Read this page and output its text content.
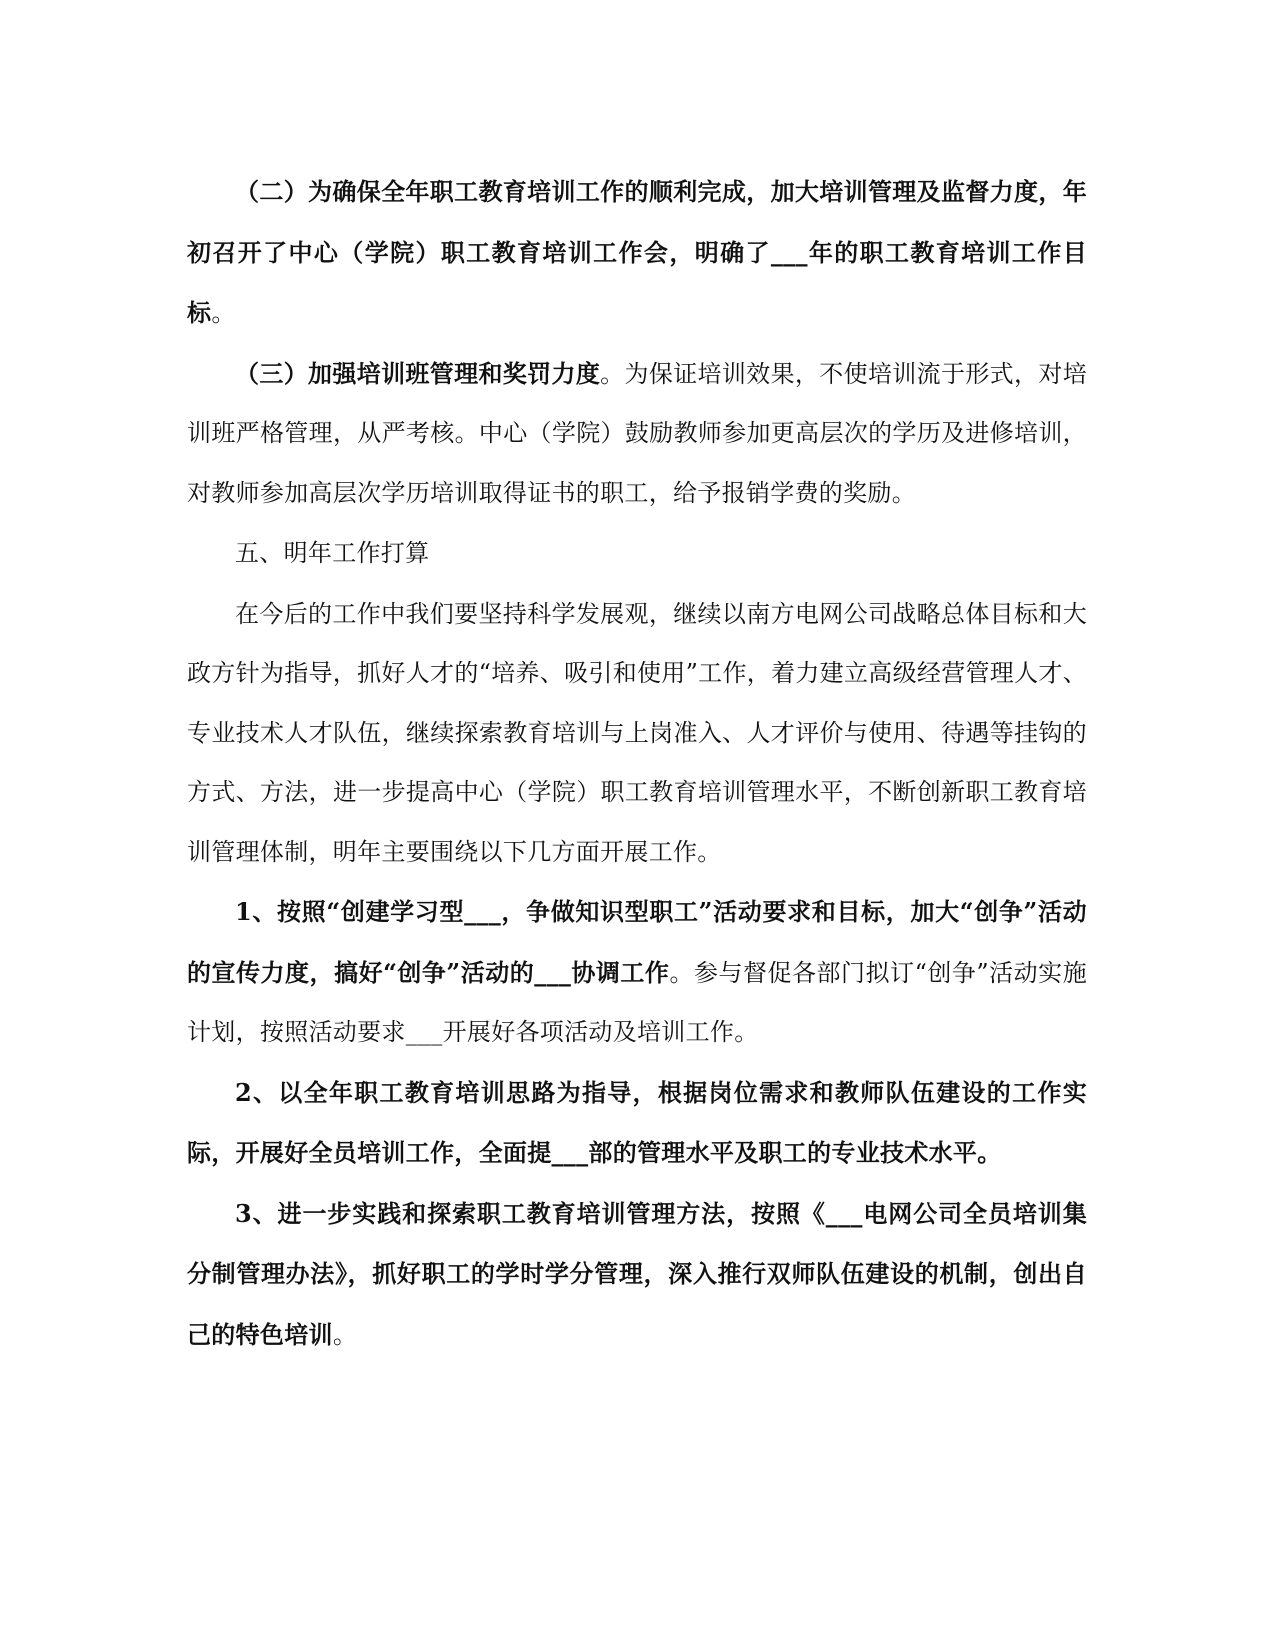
（二）为确保全年职工教育培训工作的顺利完成，加大培训管理及监督力度，年初召开了中心（学院）职工教育培训工作会，明确了___年的职工教育培训工作目标。

（三）加强培训班管理和奖罚力度。为保证培训效果，不使培训流于形式，对培训班严格管理，从严考核。中心（学院）鼓励教师参加更高层次的学历及进修培训，对教师参加高层次学历培训取得证书的职工，给予报销学费的奖励。

五、明年工作打算

在今后的工作中我们要坚持科学发展观，继续以南方电网公司战略总体目标和大政方针为指导，抓好人才的“培养、吸引和使用”工作，着力建立高级经营管理人才、专业技术人才队伍，继续探索教育培训与上岗准入、人才评价与使用、待遇等挂钩的方式、方法，进一步提高中心（学院）职工教育培训管理水平，不断创新职工教育培训管理体制，明年主要围绕以下几方面开展工作。

1、按照“创建学习型___，争做知识型职工”活动要求和目标，加大“创争”活动的宣传力度，搞好“创争”活动的___协调工作。参与督促各部门拟订“创争”活动实施计划，按照活动要求___开展好各项活动及培训工作。

2、以全年职工教育培训思路为指导，根据岗位需求和教师队伍建设的工作实际，开展好全员培训工作，全面提___部的管理水平及职工的专业技术水平。

3、进一步实践和探索职工教育培训管理方法，按照《___电网公司全员培训集分制管理办法》，抓好职工的学时学分管理，深入推行双师队伍建设的机制，创出自己的特色培训。
